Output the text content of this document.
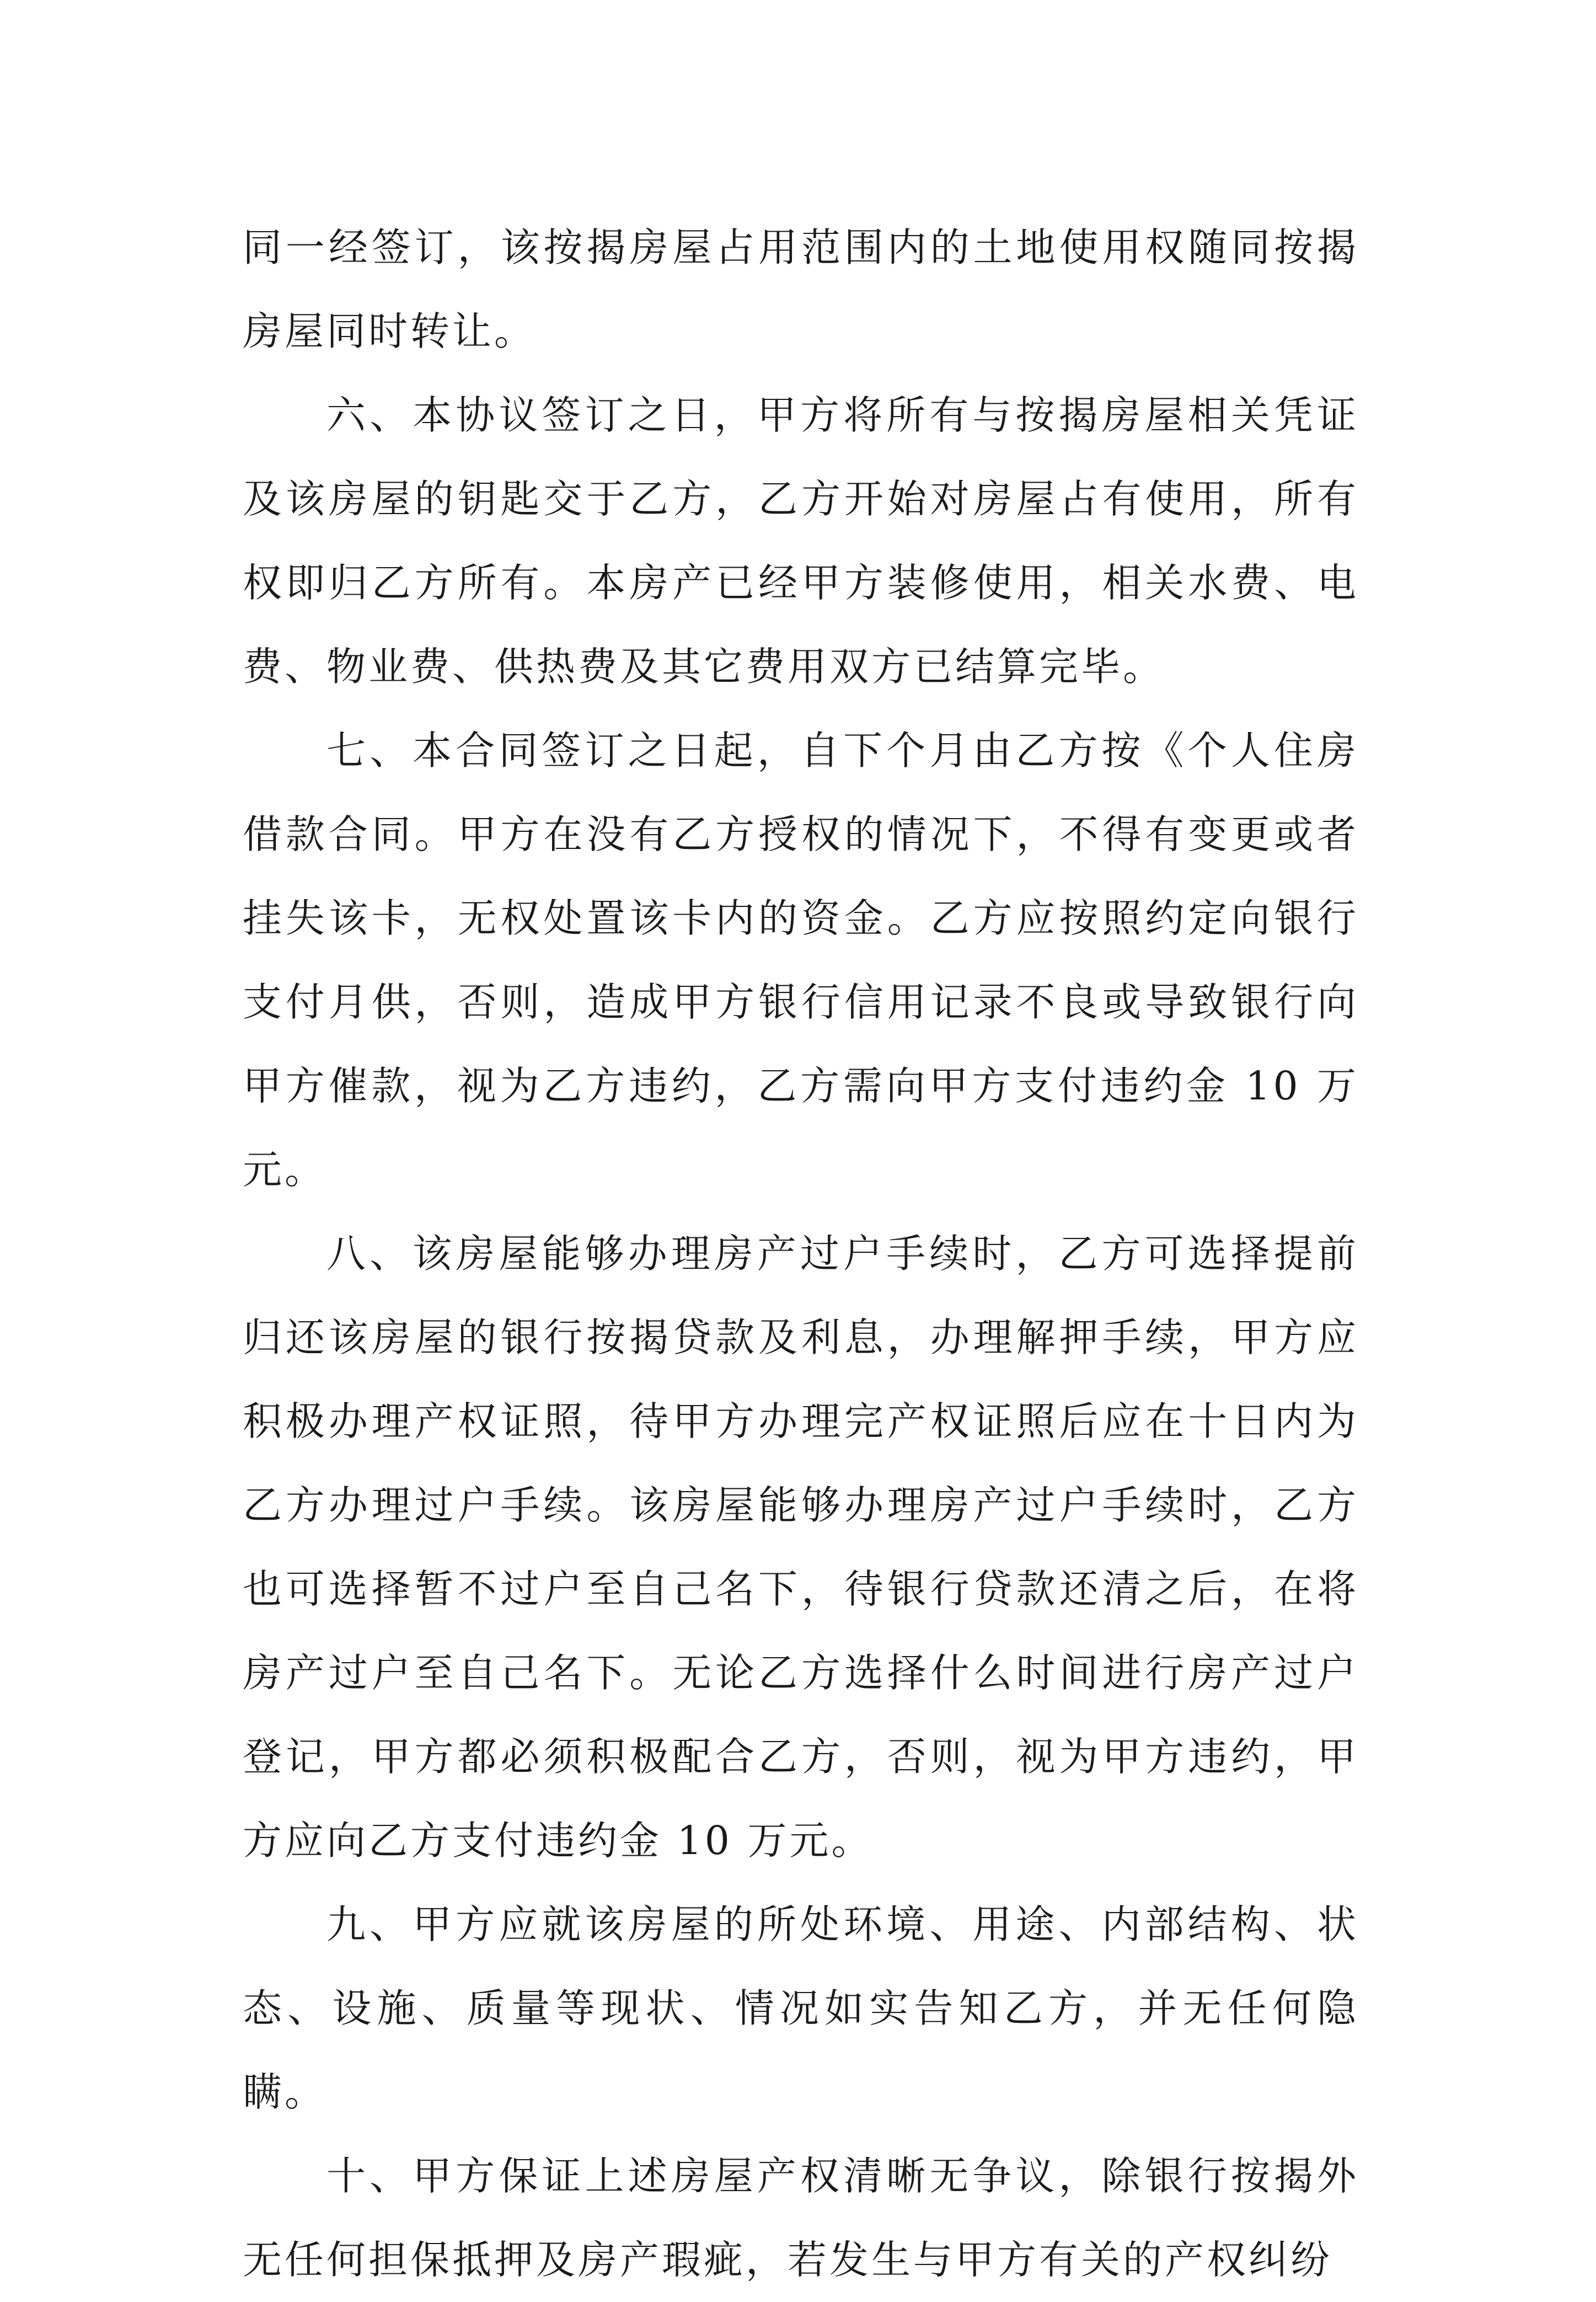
同一经签订，该按揭房屋占用范围内的土地使用权随同按揭房屋同时转让。

六、本协议签订之日，甲方将所有与按揭房屋相关凭证及该房屋的钥匙交于乙方，乙方开始对房屋占有使用，所有权即归乙方所有。本房产已经甲方装修使用，相关水费、电费、物业费、供热费及其它费用双方已结算完毕。

七、本合同签订之日起，自下个月由乙方按《个人住房借款合同。甲方在没有乙方授权的情况下，不得有变更或者挂失该卡，无权处置该卡内的资金。乙方应按照约定向银行支付月供，否则，造成甲方银行信用记录不良或导致银行向甲方催款，视为乙方违约，乙方需向甲方支付违约金 10 万元。

八、该房屋能够办理房产过户手续时，乙方可选择提前归还该房屋的银行按揭贷款及利息，办理解押手续，甲方应积极办理产权证照，待甲方办理完产权证照后应在十日内为乙方办理过户手续。该房屋能够办理房产过户手续时，乙方也可选择暂不过户至自己名下，待银行贷款还清之后，在将房产过户至自己名下。无论乙方选择什么时间进行房产过户登记，甲方都必须积极配合乙方，否则，视为甲方违约，甲方应向乙方支付违约金 10 万元。

九、甲方应就该房屋的所处环境、用途、内部结构、状态、设施、质量等现状、情况如实告知乙方，并无任何隐瞒。

十、甲方保证上述房屋产权清晰无争议，除银行按揭外无任何担保抵押及房产瑕疵，若发生与甲方有关的产权纠纷
